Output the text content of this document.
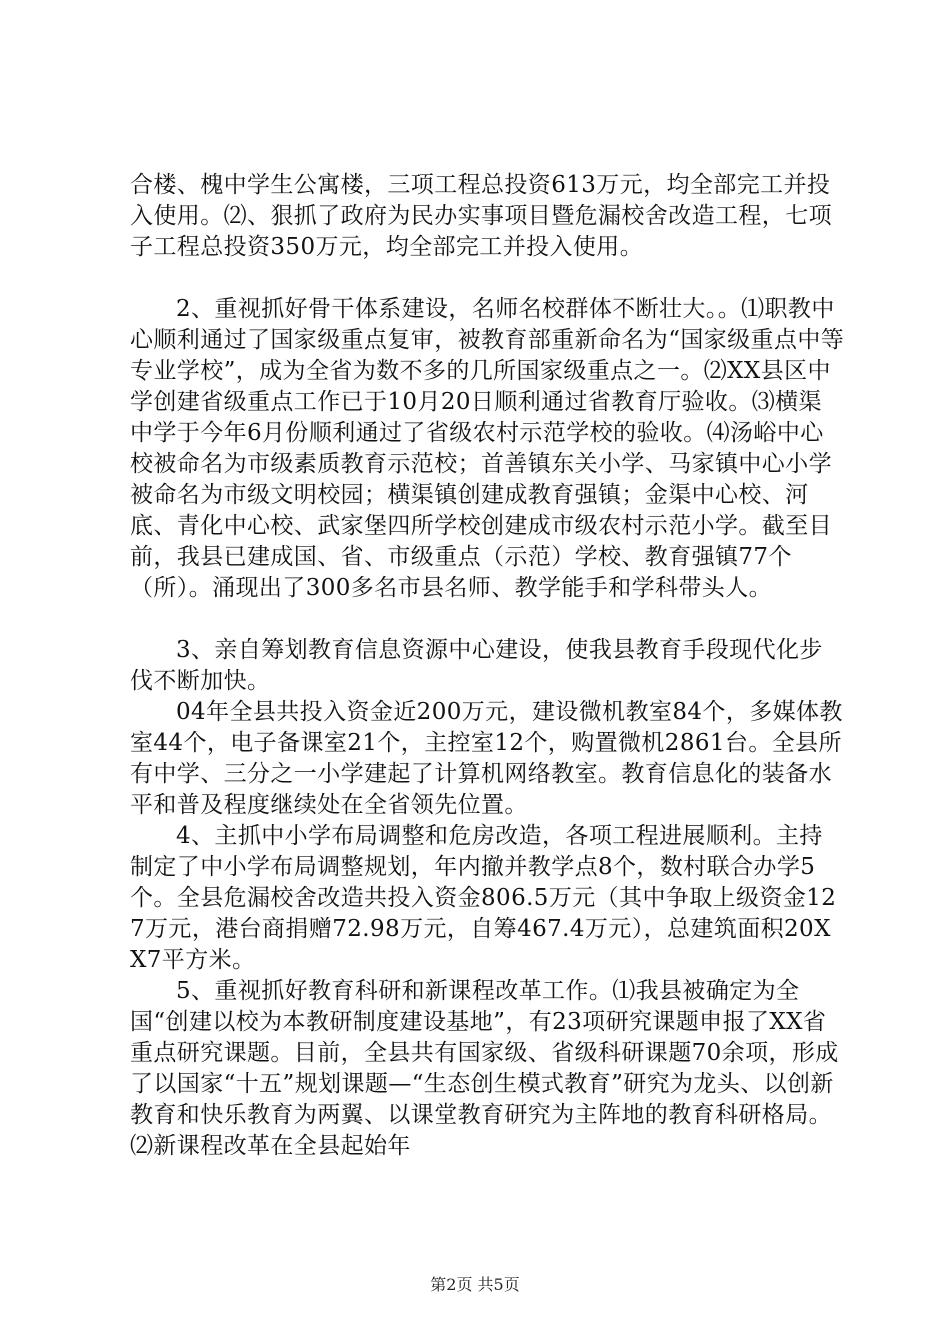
合楼、槐中学生公寓楼，三项工程总投资613万元，均全部完工并投入使用。⑵、狠抓了政府为民办实事项目暨危漏校舍改造工程，七项子工程总投资350万元，均全部完工并投入使用。

2、重视抓好骨干体系建设，名师名校群体不断壮大。。⑴职教中心顺利通过了国家级重点复审，被教育部重新命名为“国家级重点中等专业学校”，成为全省为数不多的几所国家级重点之一。⑵XX县区中学创建省级重点工作已于10月20日顺利通过省教育厅验收。⑶横渠中学于今年6月份顺利通过了省级农村示范学校的验收。⑷汤峪中心校被命名为市级素质教育示范校；首善镇东关小学、马家镇中心小学被命名为市级文明校园；横渠镇创建成教育强镇；金渠中心校、河底、青化中心校、武家堡四所学校创建成市级农村示范小学。截至目前，我县已建成国、省、市级重点（示范）学校、教育强镇77个（所）。涌现出了300多名市县名师、教学能手和学科带头人。

3、亲自筹划教育信息资源中心建设，使我县教育手段现代化步伐不断加快。

04年全县共投入资金近200万元，建设微机教室84个，多媒体教室44个，电子备课室21个，主控室12个，购置微机2861台。全县所有中学、三分之一小学建起了计算机网络教室。教育信息化的装备水平和普及程度继续处在全省领先位置。

4、主抓中小学布局调整和危房改造，各项工程进展顺利。主持制定了中小学布局调整规划，年内撤并教学点8个，数村联合办学5个。全县危漏校舍改造共投入资金806.5万元（其中争取上级资金127万元，港台商捐赠72.98万元，自筹467.4万元），总建筑面积20XX7平方米。

5、重视抓好教育科研和新课程改革工作。⑴我县被确定为全国“创建以校为本教研制度建设基地”，有23项研究课题申报了XX省重点研究课题。目前，全县共有国家级、省级科研课题70余项，形成了以国家“十五”规划课题—“生态创生模式教育”研究为龙头、以创新教育和快乐教育为两翼、以课堂教育研究为主阵地的教育科研格局。⑵新课程改革在全县起始年

第2页 共5页
